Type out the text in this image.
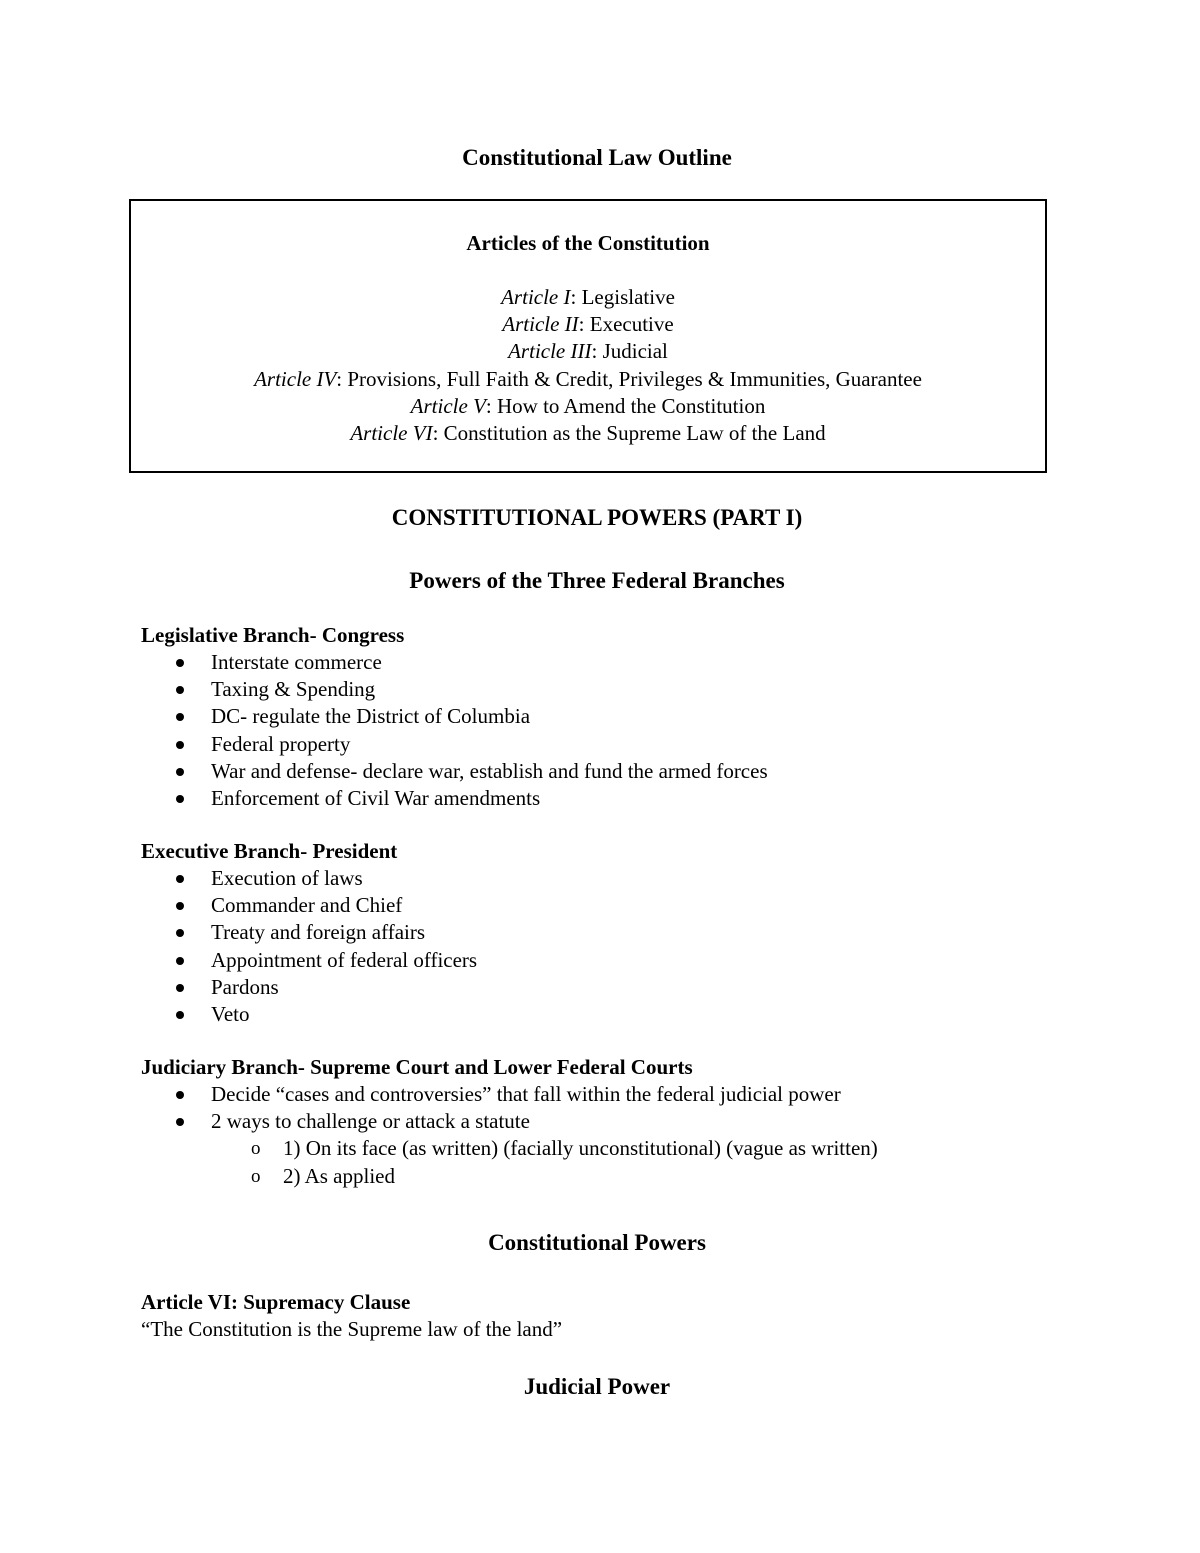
Constitutional Law Outline
Articles of the Constitution
Article I: Legislative
Article II: Executive
Article III: Judicial
Article IV: Provisions, Full Faith & Credit, Privileges & Immunities, Guarantee
Article V: How to Amend the Constitution
Article VI: Constitution as the Supreme Law of the Land
CONSTITUTIONAL POWERS (PART I)
Powers of the Three Federal Branches
Legislative Branch- Congress
Interstate commerce
Taxing & Spending
DC- regulate the District of Columbia
Federal property
War and defense- declare war, establish and fund the armed forces
Enforcement of Civil War amendments
Executive Branch- President
Execution of laws
Commander and Chief
Treaty and foreign affairs
Appointment of federal officers
Pardons
Veto
Judiciary Branch- Supreme Court and Lower Federal Courts
Decide “cases and controversies” that fall within the federal judicial power
2 ways to challenge or attack a statute
o 1) On its face (as written) (facially unconstitutional) (vague as written)
o 2) As applied
Constitutional Powers
Article VI: Supremacy Clause
“The Constitution is the Supreme law of the land”
Judicial Power
